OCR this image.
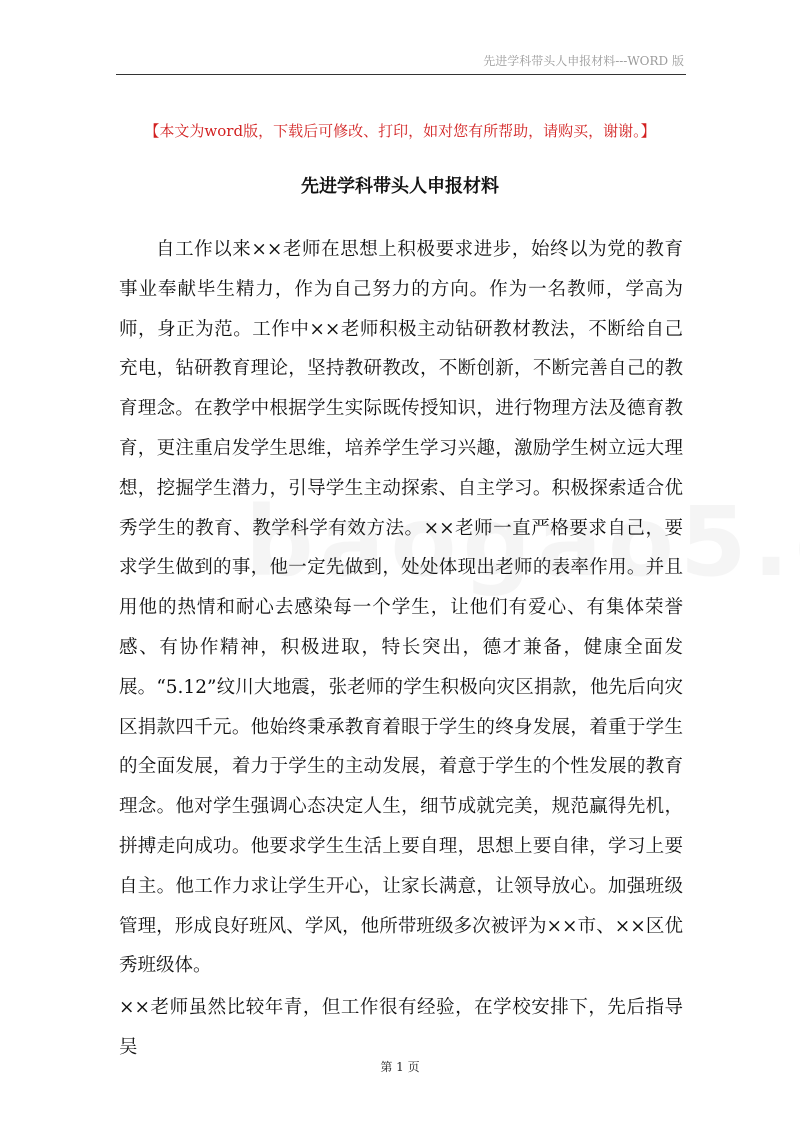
先进学科带头人申报材料---WORD 版
【本文为word版，下载后可修改、打印，如对您有所帮助，请购买，谢谢。】
先进学科带头人申报材料

自工作以来××老师在思想上积极要求进步，始终以为党的教育事业奉献毕生精力，作为自己努力的方向。作为一名教师，学高为师，身正为范。工作中××老师积极主动钻研教材教法，不断给自己充电，钻研教育理论，坚持教研教改，不断创新，不断完善自己的教育理念。在教学中根据学生实际既传授知识，进行物理方法及德育教育，更注重启发学生思维，培养学生学习兴趣，激励学生树立远大理想，挖掘学生潜力，引导学生主动探索、自主学习。积极探索适合优秀学生的教育、教学科学有效方法。××老师一直严格要求自己，要求学生做到的事，他一定先做到，处处体现出老师的表率作用。并且用他的热情和耐心去感染每一个学生，让他们有爱心、有集体荣誉感、有协作精神，积极进取，特长突出，德才兼备，健康全面发展。“5.12”纹川大地震，张老师的学生积极向灾区捐款，他先后向灾区捐款四千元。他始终秉承教育着眼于学生的终身发展，着重于学生的全面发展，着力于学生的主动发展，着意于学生的个性发展的教育理念。他对学生强调心态决定人生，细节成就完美，规范赢得先机，拼搏走向成功。他要求学生生活上要自理，思想上要自律，学习上要自主。他工作力求让学生开心，让家长满意，让领导放心。加强班级管理，形成良好班风、学风，他所带班级多次被评为××市、××区优秀班级体。

××老师虽然比较年青，但工作很有经验，在学校安排下，先后指导吴

第 1 页
